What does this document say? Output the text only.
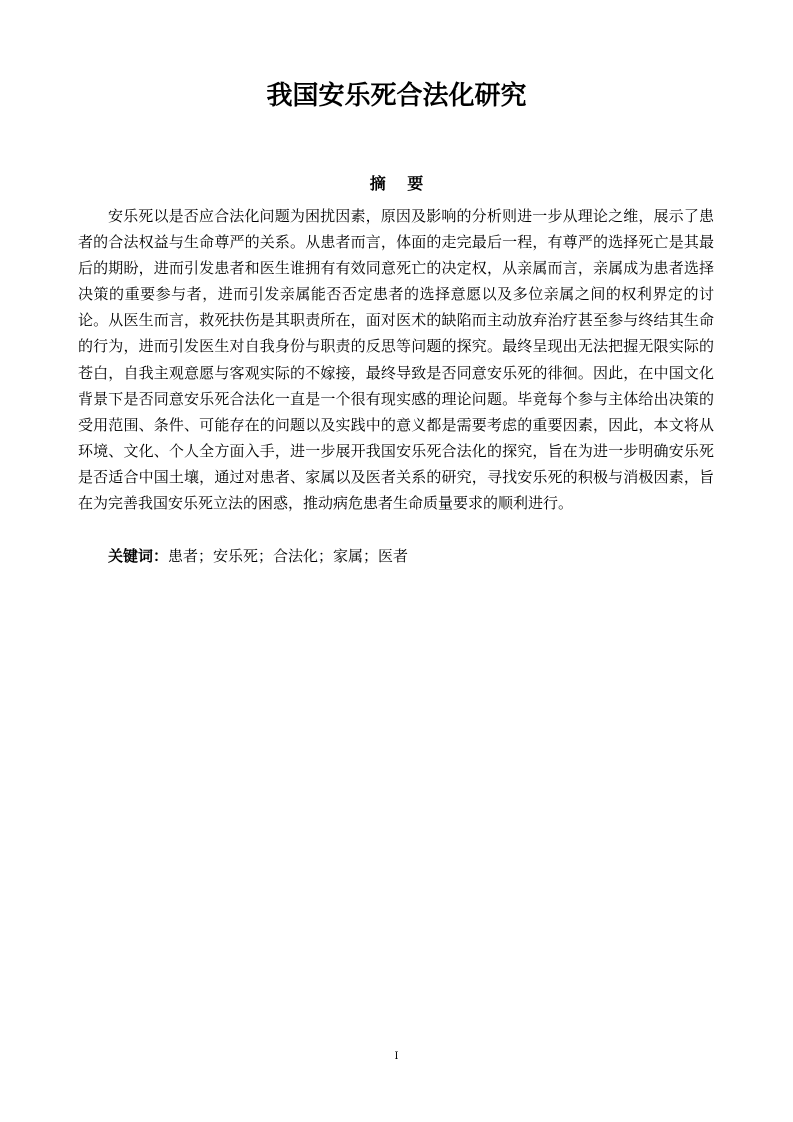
我国安乐死合法化研究
摘 要

安乐死以是否应合法化问题为困扰因素，原因及影响的分析则进一步从理论之维，展示了患者的合法权益与生命尊严的关系。从患者而言，体面的走完最后一程，有尊严的选择死亡是其最后的期盼，进而引发患者和医生谁拥有有效同意死亡的决定权，从亲属而言，亲属成为患者选择决策的重要参与者，进而引发亲属能否否定患者的选择意愿以及多位亲属之间的权利界定的讨论。从医生而言，救死扶伤是其职责所在，面对医术的缺陷而主动放弃治疗甚至参与终结其生命的行为，进而引发医生对自我身份与职责的反思等问题的探究。最终呈现出无法把握无限实际的苍白，自我主观意愿与客观实际的不嫁接，最终导致是否同意安乐死的徘徊。因此，在中国文化背景下是否同意安乐死合法化一直是一个很有现实感的理论问题。毕竟每个参与主体给出决策的受用范围、条件、可能存在的问题以及实践中的意义都是需要考虑的重要因素，因此，本文将从环境、文化、个人全方面入手，进一步展开我国安乐死合法化的探究，旨在为进一步明确安乐死是否适合中国土壤，通过对患者、家属以及医者关系的研究，寻找安乐死的积极与消极因素，旨在为完善我国安乐死立法的困惑，推动病危患者生命质量要求的顺利进行。

关键词：患者；安乐死；合法化；家属；医者

I
